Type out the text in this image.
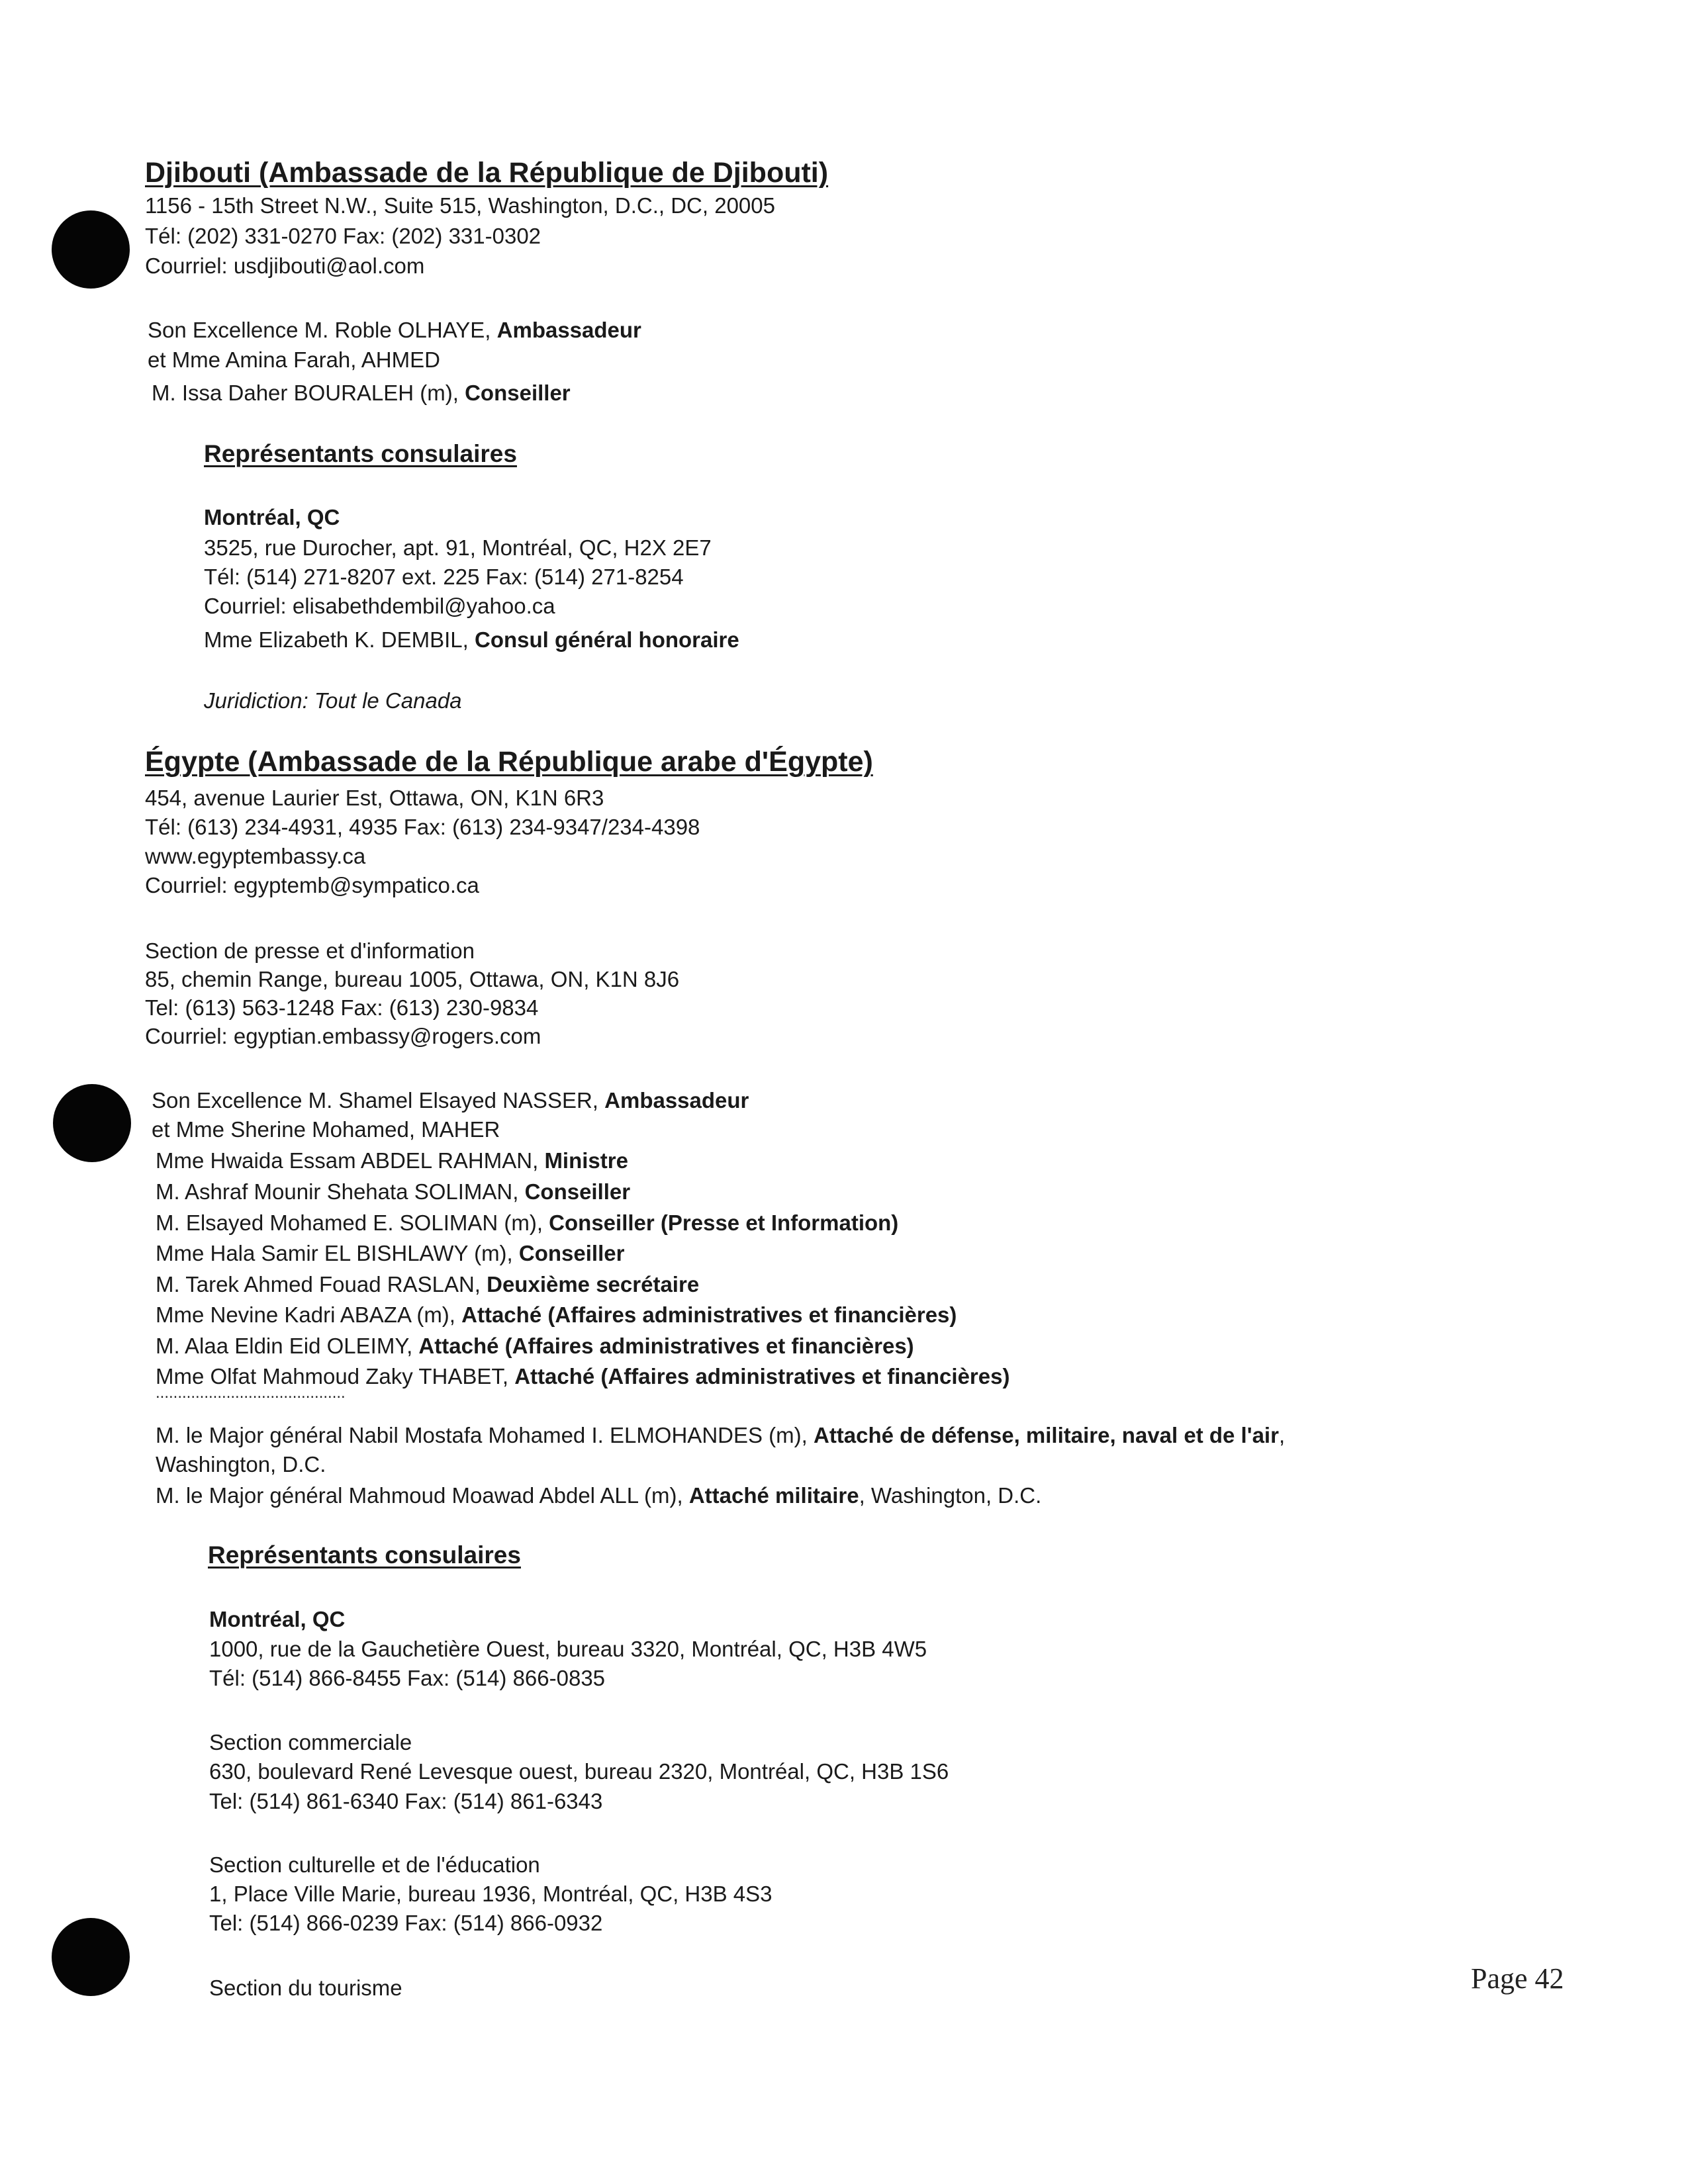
Djibouti (Ambassade de la République de Djibouti)
1156 - 15th Street N.W., Suite 515, Washington, D.C., DC, 20005
Tél: (202) 331-0270 Fax: (202) 331-0302
Courriel: usdjibouti@aol.com
Son Excellence M. Roble OLHAYE, Ambassadeur
et Mme Amina Farah, AHMED
M. Issa Daher BOURALEH (m), Conseiller
Représentants consulaires
Montréal, QC
3525, rue Durocher, apt. 91, Montréal, QC, H2X 2E7
Tél: (514) 271-8207 ext. 225 Fax: (514) 271-8254
Courriel: elisabethdembil@yahoo.ca
Mme Elizabeth K. DEMBIL, Consul général honoraire
Juridiction: Tout le Canada
Égypte (Ambassade de la République arabe d'Égypte)
454, avenue Laurier Est, Ottawa, ON, K1N 6R3
Tél: (613) 234-4931, 4935 Fax: (613) 234-9347/234-4398
www.egyptembassy.ca
Courriel: egyptemb@sympatico.ca
Section de presse et d'information
85, chemin Range, bureau 1005, Ottawa, ON, K1N 8J6
Tel: (613) 563-1248 Fax: (613) 230-9834
Courriel: egyptian.embassy@rogers.com
Son Excellence M. Shamel Elsayed NASSER, Ambassadeur
et Mme Sherine Mohamed, MAHER
Mme Hwaida Essam ABDEL RAHMAN, Ministre
M. Ashraf Mounir Shehata SOLIMAN, Conseiller
M. Elsayed Mohamed E. SOLIMAN (m), Conseiller (Presse et Information)
Mme Hala Samir EL BISHLAWY (m), Conseiller
M. Tarek Ahmed Fouad RASLAN, Deuxième secrétaire
Mme Nevine Kadri ABAZA (m), Attaché (Affaires administratives et financières)
M. Alaa Eldin Eid OLEIMY, Attaché (Affaires administratives et financières)
Mme Olfat Mahmoud Zaky THABET, Attaché (Affaires administratives et financières)
...........................................
M. le Major général Nabil Mostafa Mohamed I. ELMOHANDES (m), Attaché de défense, militaire, naval et de l'air,
Washington, D.C.
M. le Major général Mahmoud Moawad Abdel ALL (m), Attaché militaire, Washington, D.C.
Représentants consulaires
Montréal, QC
1000, rue de la Gauchetière Ouest, bureau 3320, Montréal, QC, H3B 4W5
Tél: (514) 866-8455 Fax: (514) 866-0835
Section commerciale
630, boulevard René Levesque ouest, bureau 2320, Montréal, QC, H3B 1S6
Tel: (514) 861-6340 Fax: (514) 861-6343
Section culturelle et de l'éducation
1, Place Ville Marie, bureau 1936, Montréal, QC, H3B 4S3
Tel: (514) 866-0239 Fax: (514) 866-0932
Section du tourisme	Page 42
